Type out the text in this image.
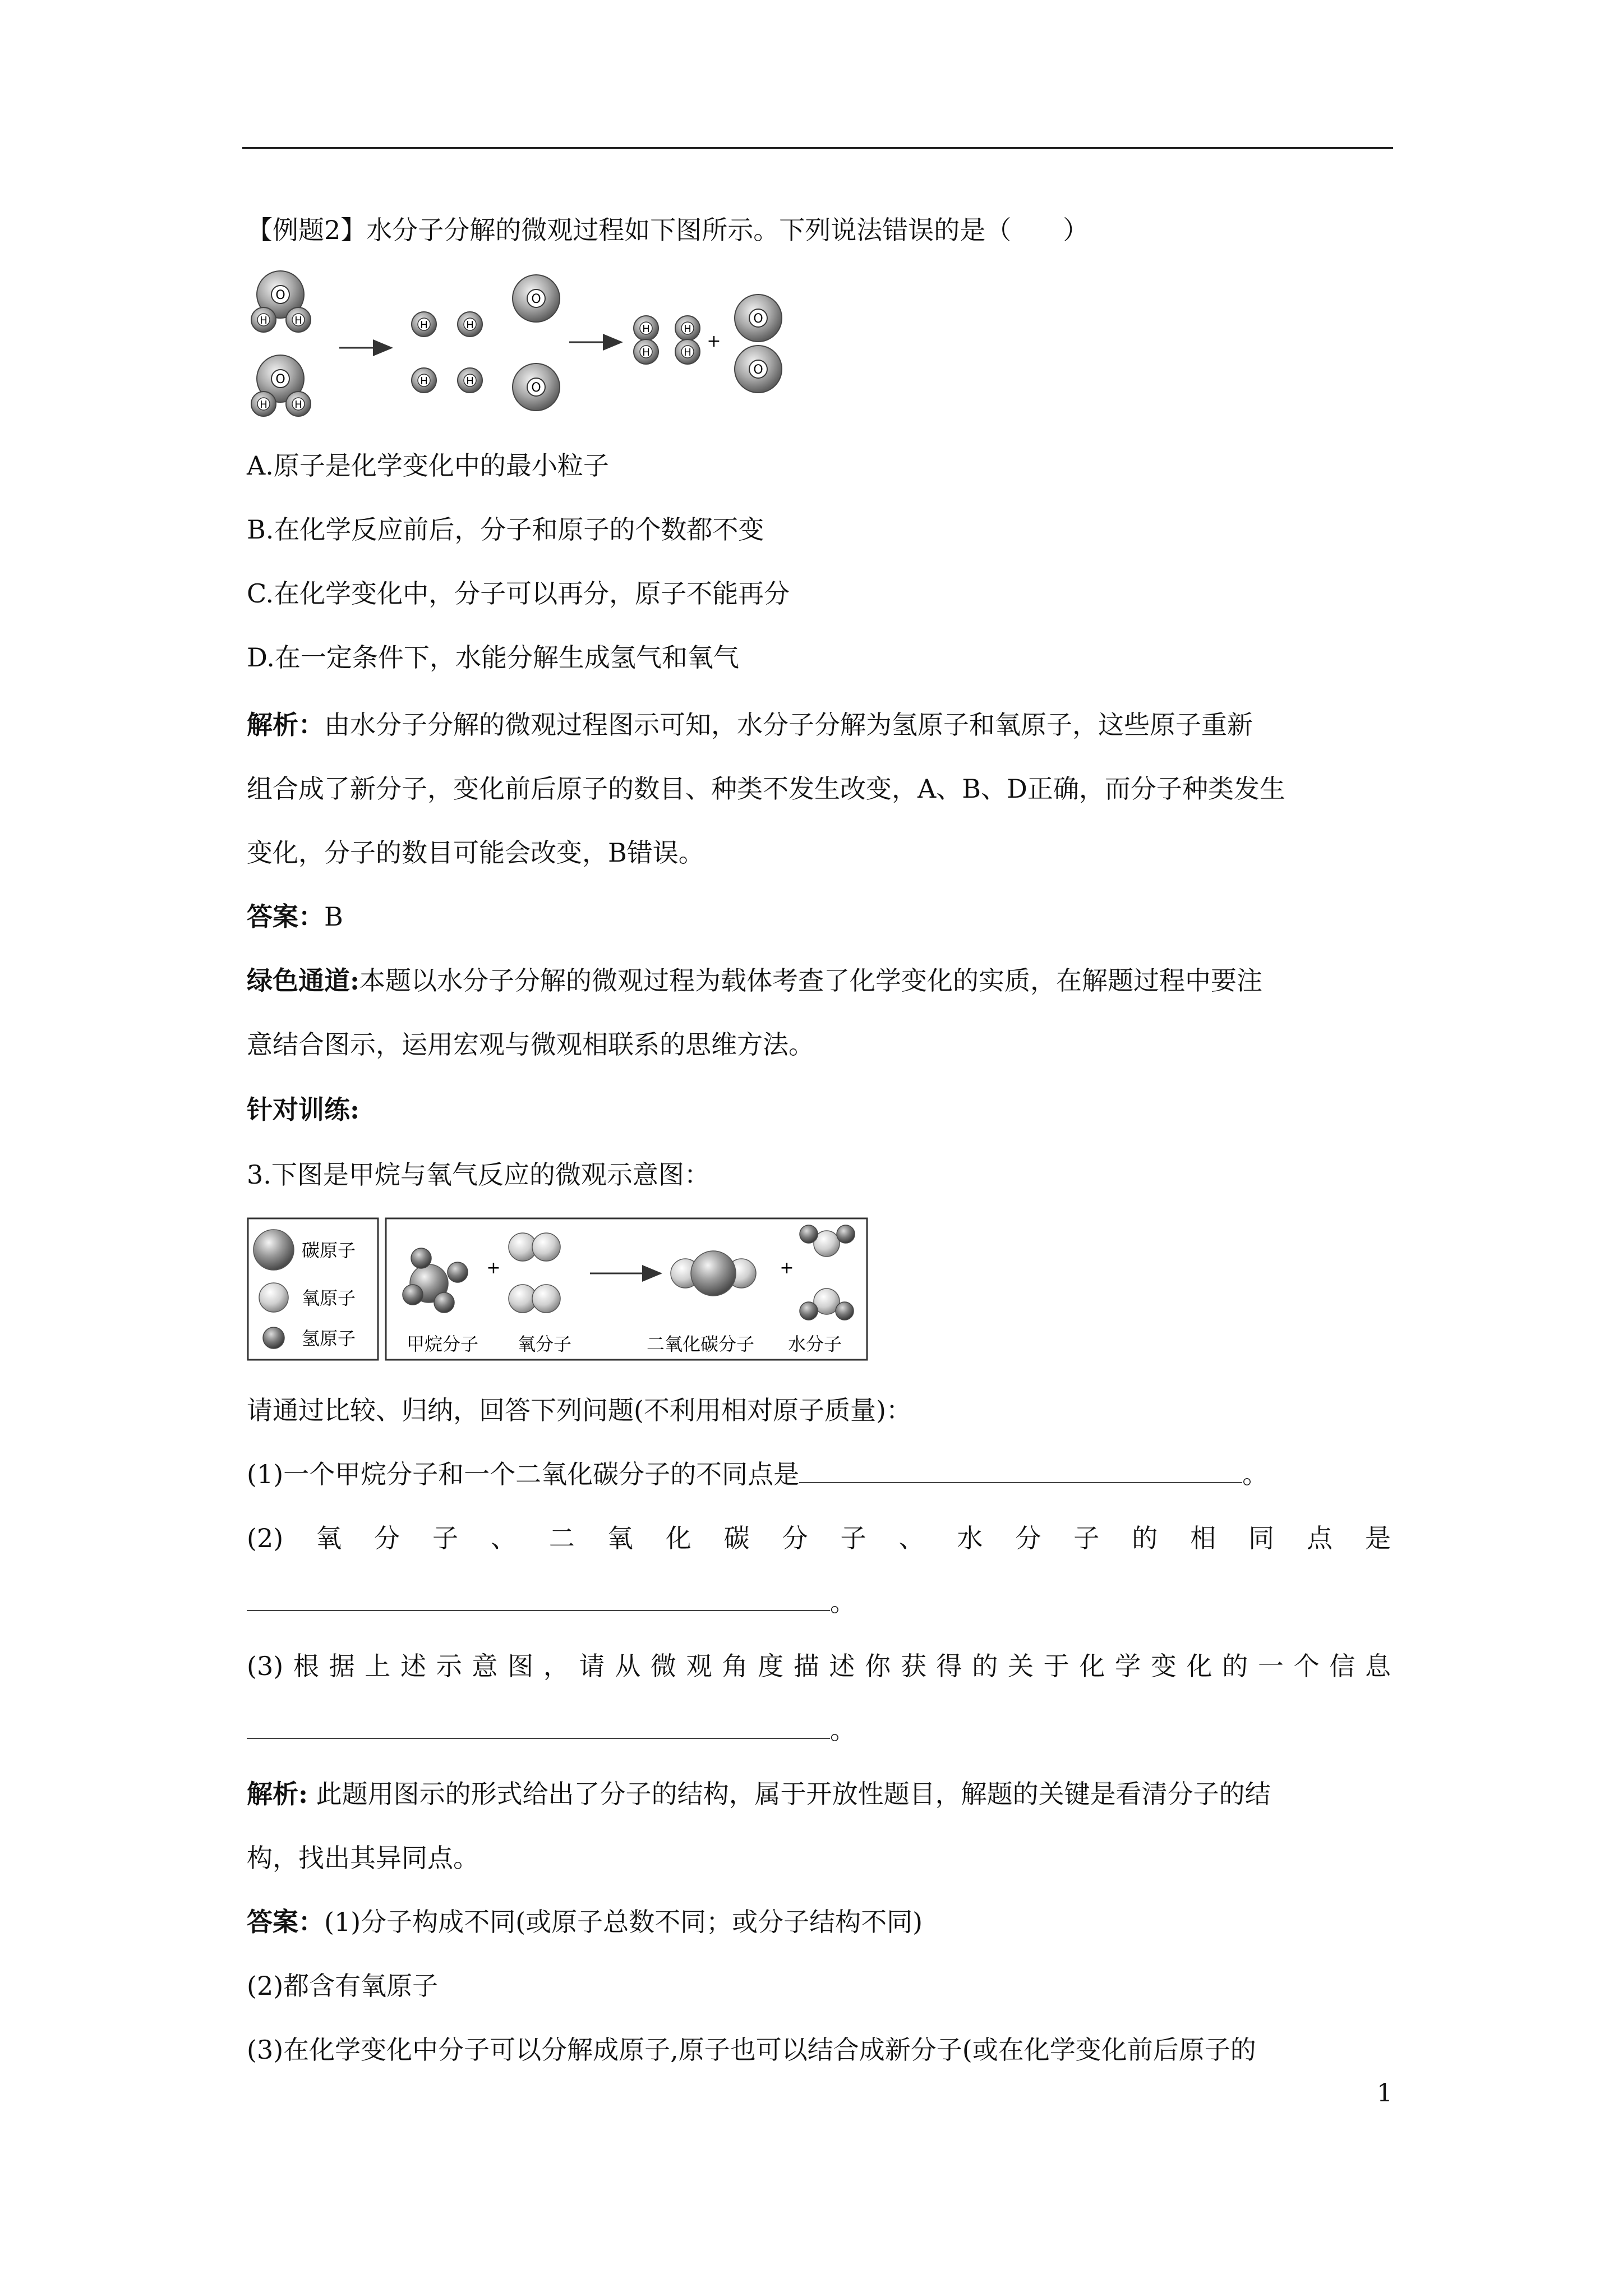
【例题2】水分子分解的微观过程如下图所示。下列说法错误的是（　　）
O
H	H
O
H	H
H	H
H	H
O
O
H
H
H
H
+
O
O
A.原子是化学变化中的最小粒子
B.在化学反应前后，分子和原子的个数都不变
C.在化学变化中，分子可以再分，原子不能再分
D.在一定条件下，水能分解生成氢气和氧气
解析：由水分子分解的微观过程图示可知，水分子分解为氢原子和氧原子，这些原子重新
组合成了新分子，变化前后原子的数目、种类不发生改变，A、B、D正确，而分子种类发生
变化，分子的数目可能会改变，B错误。
答案：B
绿色通道:本题以水分子分解的微观过程为载体考查了化学变化的实质，在解题过程中要注
意结合图示，运用宏观与微观相联系的思维方法。
针对训练:
3.下图是甲烷与氧气反应的微观示意图：
碳原子
氧原子
氢原子
+	+
甲烷分子 氧分子	二氧化碳分子 水分子
请通过比较、归纳，回答下列问题(不利用相对原子质量)：
(1)一个甲烷分子和一个二氧化碳分子的不同点是	。
(2) 氧 分 子 、 二 氧 化 碳 分 子 、 水 分 子 的 相 同 点 是
。
(3) 根 据 上 述 示 意 图 ， 请 从 微 观 角 度 描 述 你 获 得 的 关 于 化 学 变 化 的 一 个 信 息
。
解析: 此题用图示的形式给出了分子的结构，属于开放性题目，解题的关键是看清分子的结
构，找出其异同点。
答案：(1)分子构成不同(或原子总数不同；或分子结构不同)
(2)都含有氧原子
(3)在化学变化中分子可以分解成原子,原子也可以结合成新分子(或在化学变化前后原子的
1
